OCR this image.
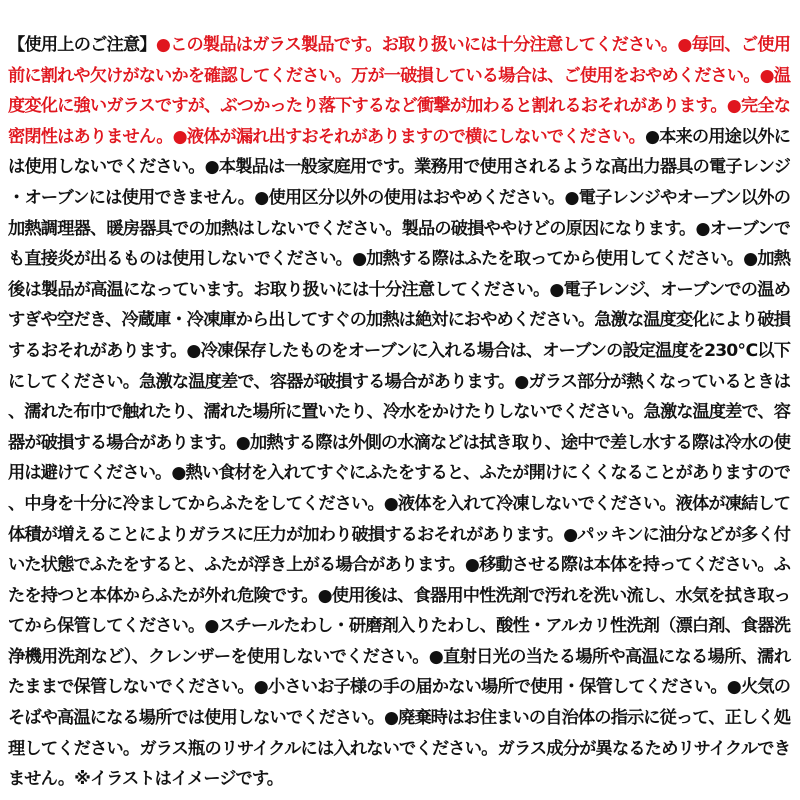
【使用上のご注意】●この製品はガラス製品です。お取り扱いには十分注意してください。●毎回、ご使用前に割れや欠けがないかを確認してください。万が一破損している場合は、ご使用をおやめください。●温度変化に強いガラスですが、ぶつかったり落下するなど衝撃が加わると割れるおそれがあります。●完全な密閉性はありません。●液体が漏れ出すおそれがありますので横にしないでください。●本来の用途以外には使用しないでください。●本製品は一般家庭用です。業務用で使用されるような高出力器具の電子レンジ・オーブンには使用できません。●使用区分以外の使用はおやめください。●電子レンジやオーブン以外の加熱調理器、暖房器具での加熱はしないでください。製品の破損ややけどの原因になります。●オーブンでも直接炎が出るものは使用しないでください。●加熱する際はふたを取ってから使用してください。●加熱後は製品が高温になっています。お取り扱いには十分注意してください。●電子レンジ、オーブンでの温めすぎや空だき、冷蔵庫・冷凍庫から出してすぐの加熱は絶対におやめください。急激な温度変化により破損するおそれがあります。●冷凍保存したものをオーブンに入れる場合は、オーブンの設定温度を230℃以下にしてください。急激な温度差で、容器が破損する場合があります。●ガラス部分が熱くなっているときは、濡れた布巾で触れたり、濡れた場所に置いたり、冷水をかけたりしないでください。急激な温度差で、容器が破損する場合があります。●加熱する際は外側の水滴などは拭き取り、途中で差し水する際は冷水の使用は避けてください。●熱い食材を入れてすぐにふたをすると、ふたが開けにくくなることがありますので、中身を十分に冷ましてからふたをしてください。●液体を入れて冷凍しないでください。液体が凍結して体積が増えることによりガラスに圧力が加わり破損するおそれがあります。●パッキンに油分などが多く付いた状態でふたをすると、ふたが浮き上がる場合があります。●移動させる際は本体を持ってください。ふたを持つと本体からふたが外れ危険です。●使用後は、食器用中性洗剤で汚れを洗い流し、水気を拭き取ってから保管してください。●スチールたわし・研磨剤入りたわし、酸性・アルカリ性洗剤（漂白剤、食器洗浄機用洗剤など）、クレンザーを使用しないでください。●直射日光の当たる場所や高温になる場所、濡れたままで保管しないでください。●小さいお子様の手の届かない場所で使用・保管してください。●火気のそばや高温になる場所では使用しないでください。●廃棄時はお住まいの自治体の指示に従って、正しく処理してください。ガラス瓶のリサイクルには入れないでください。ガラス成分が異なるためリサイクルできません。※イラストはイメージです。
